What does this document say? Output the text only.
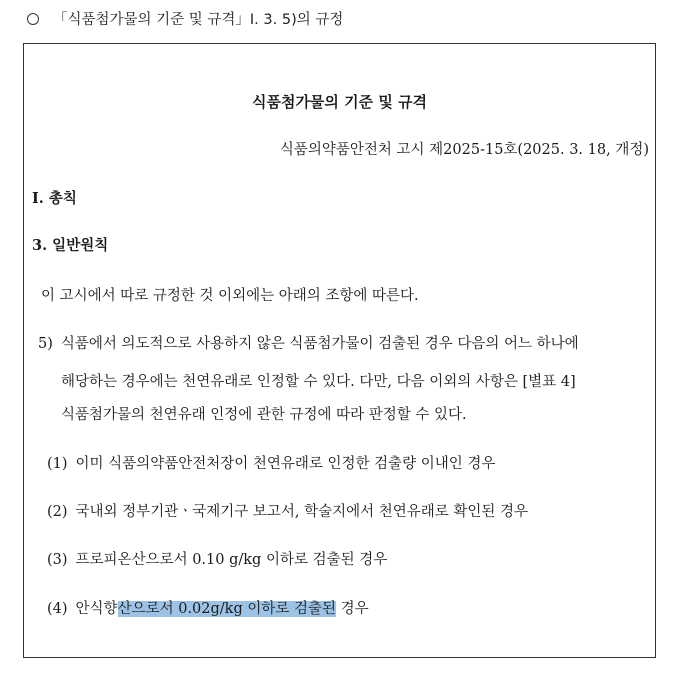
「식품첨가물의 기준 및 규격」I. 3. 5)의 규정
식품첨가물의 기준 및 규격
식품의약품안전처 고시 제2025-15호(2025. 3. 18, 개정)
I. 총칙
3. 일반원칙
이 고시에서 따로 규정한 것 이외에는 아래의 조항에 따른다.
5) 식품에서 의도적으로 사용하지 않은 식품첨가물이 검출된 경우 다음의 어느 하나에
해당하는 경우에는 천연유래로 인정할 수 있다. 다만, 다음 이외의 사항은 [별표 4]
식품첨가물의 천연유래 인정에 관한 규정에 따라 판정할 수 있다.
(1) 이미 식품의약품안전처장이 천연유래로 인정한 검출량 이내인 경우
(2) 국내외 정부기관ㆍ국제기구 보고서, 학술지에서 천연유래로 확인된 경우
(3) 프로피온산으로서 0.10 g/kg 이하로 검출된 경우
(4) 안식향산으로서 0.02g/kg 이하로 검출된 경우
